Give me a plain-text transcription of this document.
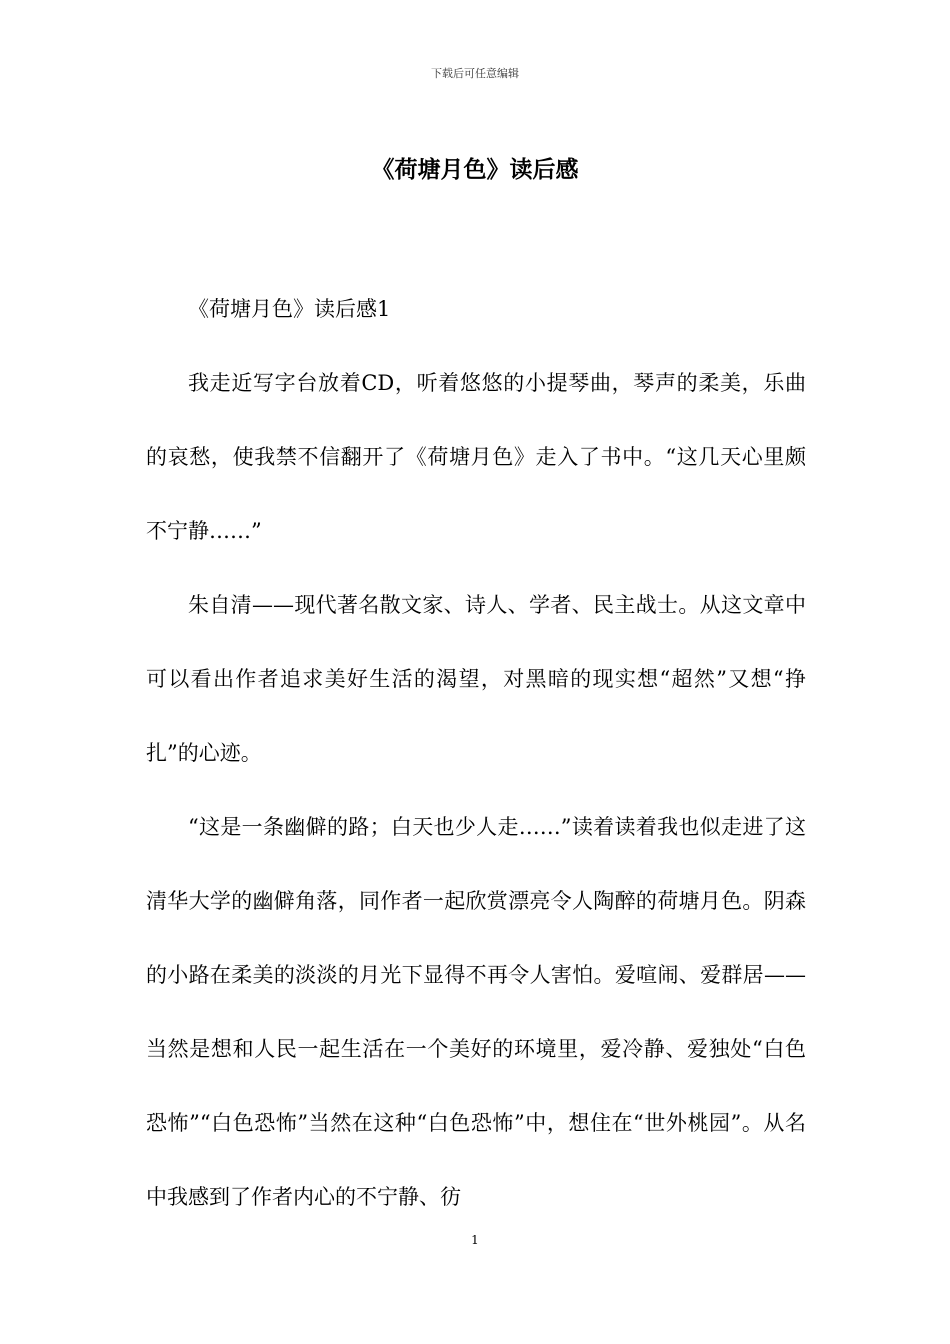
下载后可任意编辑
《荷塘月色》读后感

《荷塘月色》读后感1

我走近写字台放着CD，听着悠悠的小提琴曲，琴声的柔美，乐曲的哀愁，使我禁不信翻开了《荷塘月色》走入了书中。“这几天心里颇不宁静……”

朱自清——现代著名散文家、诗人、学者、民主战士。从这文章中可以看出作者追求美好生活的渴望，对黑暗的现实想“超然”又想“挣扎”的心迹。

“这是一条幽僻的路；白天也少人走……”读着读着我也似走进了这清华大学的幽僻角落，同作者一起欣赏漂亮令人陶醉的荷塘月色。阴森的小路在柔美的淡淡的月光下显得不再令人害怕。爱喧闹、爱群居——当然是想和人民一起生活在一个美好的环境里，爱冷静、爱独处“白色恐怖”“白色恐怖”当然在这种“白色恐怖”中，想住在“世外桃园”。从名中我感到了作者内心的不宁静、彷

1
